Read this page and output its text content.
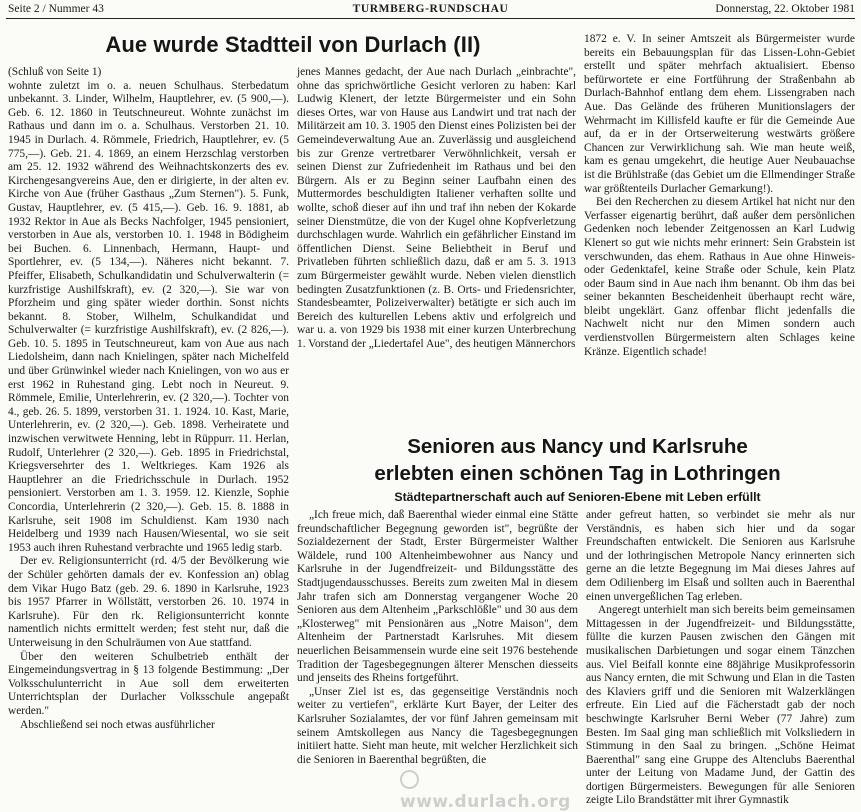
Seite 2 / Nummer 43	TURMBERG-RUNDSCHAU	Donnerstag, 22. Oktober 1981
Aue wurde Stadtteil von Durlach (II)

(Schluß von Seite 1)

wohnte zuletzt im o. a. neuen Schulhaus. Sterbedatum unbekannt. 3. Linder, Wilhelm, Hauptlehrer, ev. (5 900,—). Geb. 6. 12. 1860 in Teutschneureut. Wohnte zunächst im Rathaus und dann im o. a. Schulhaus. Verstorben 21. 10. 1945 in Durlach. 4. Römmele, Friedrich, Hauptlehrer, ev. (5 775,—). Geb. 21. 4. 1869, an einem Herzschlag verstorben am 25. 12. 1932 während des Weihnachtskonzerts des ev. Kirchengesangvereins Aue, den er dirigierte, in der alten ev. Kirche von Aue (früher Gasthaus „Zum Sternen"). 5. Funk, Gustav, Hauptlehrer, ev. (5 415,—). Geb. 16. 9. 1881, ab 1932 Rektor in Aue als Becks Nachfolger, 1945 pensioniert, verstorben in Aue als, verstorben 10. 1. 1948 in Bödigheim bei Buchen. 6. Linnenbach, Hermann, Haupt- und Sportlehrer, ev. (5 134,—). Näheres nicht bekannt. 7. Pfeiffer, Elisabeth, Schulkandidatin und Schulverwalterin (= kurzfristige Aushilfskraft), ev. (2 320,—). Sie war von Pforzheim und ging später wieder dorthin. Sonst nichts bekannt. 8. Stober, Wilhelm, Schulkandidat und Schulverwalter (= kurzfristige Aushilfskraft), ev. (2 826,—). Geb. 10. 5. 1895 in Teutschneureut, kam von Aue aus nach Liedolsheim, dann nach Knielingen, später nach Michelfeld und über Grünwinkel wieder nach Knielingen, von wo aus er erst 1962 in Ruhestand ging. Lebt noch in Neureut. 9. Römmele, Emilie, Unterlehrerin, ev. (2 320,—). Tochter von 4., geb. 26. 5. 1899, verstorben 31. 1. 1924. 10. Kast, Marie, Unterlehrerin, ev. (2 320,—). Geb. 1898. Verheiratete und inzwischen verwitwete Henning, lebt in Rüppurr. 11. Herlan, Rudolf, Unterlehrer (2 320,—). Geb. 1895 in Friedrichstal, Kriegsversehrter des 1. Weltkrieges. Kam 1926 als Hauptlehrer an die Friedrichsschule in Durlach. 1952 pensioniert. Verstorben am 1. 3. 1959. 12. Kienzle, Sophie Concordia, Unterlehrerin (2 320,—). Geb. 15. 8. 1888 in Karlsruhe, seit 1908 im Schuldienst. Kam 1930 nach Heidelberg und 1939 nach Hausen/Wiesental, wo sie seit 1953 auch ihren Ruhestand verbrachte und 1965 ledig starb.

Der ev. Religionsunterricht (rd. 4/5 der Bevölkerung wie der Schüler gehörten damals der ev. Konfession an) oblag dem Vikar Hugo Batz (geb. 29. 6. 1890 in Karlsruhe, 1923 bis 1957 Pfarrer in Wöllstätt, verstorben 26. 10. 1974 in Karlsruhe). Für den rk. Religionsunterricht konnte namentlich nichts ermittelt werden; fest steht nur, daß die Unterweisung in den Schulräumen von Aue stattfand.

Über den weiteren Schulbetrieb enthält der Eingemeindungsvertrag in § 13 folgende Bestimmung: „Der Volksschulunterricht in Aue soll dem erweiterten Unterrichtsplan der Durlacher Volksschule angepaßt werden."

Abschließend sei noch etwas ausführlicher

jenes Mannes gedacht, der Aue nach Durlach „einbrachte", ohne das sprichwörtliche Gesicht verloren zu haben: Karl Ludwig Klenert, der letzte Bürgermeister und ein Sohn dieses Ortes, war von Hause aus Landwirt und trat nach der Militärzeit am 10. 3. 1905 den Dienst eines Polizisten bei der Gemeindeverwaltung Aue an. Zuverlässig und ausgleichend bis zur Grenze vertretbarer Verwöhnlichkeit, versah er seinen Dienst zur Zufriedenheit im Rathaus und bei den Bürgern. Als er zu Beginn seiner Laufbahn einen des Muttermordes beschuldigten Italiener verhaften sollte und wollte, schoß dieser auf ihn und traf ihn neben der Kokarde seiner Dienstmütze, die von der Kugel ohne Kopfverletzung durchschlagen wurde. Wahrlich ein gefährlicher Einstand im öffentlichen Dienst. Seine Beliebtheit in Beruf und Privatleben führten schließlich dazu, daß er am 5. 3. 1913 zum Bürgermeister gewählt wurde. Neben vielen dienstlich bedingten Zusatzfunktionen (z. B. Orts- und Friedensrichter, Standesbeamter, Polizeiverwalter) betätigte er sich auch im Bereich des kulturellen Lebens aktiv und erfolgreich und war u. a. von 1929 bis 1938 mit einer kurzen Unterbrechung 1. Vorstand der „Liedertafel Aue", des heutigen Männerchors

1872 e. V. In seiner Amtszeit als Bürgermeister wurde bereits ein Bebauungsplan für das Lissen-Lohn-Gebiet erstellt und später mehrfach aktualisiert. Ebenso befürwortete er eine Fortführung der Straßenbahn ab Durlach-Bahnhof entlang dem ehem. Lissengraben nach Aue. Das Gelände des früheren Munitionslagers der Wehrmacht im Killisfeld kaufte er für die Gemeinde Aue auf, da er in der Ortserweiterung westwärts größere Chancen zur Verwirklichung sah. Wie man heute weiß, kam es genau umgekehrt, die heutige Auer Neubauachse ist die Brühlstraße (das Gebiet um die Ellmendinger Straße war größtenteils Durlacher Gemarkung!).

Bei den Recherchen zu diesem Artikel hat nicht nur den Verfasser eigenartig berührt, daß außer dem persönlichen Gedenken noch lebender Zeitgenossen an Karl Ludwig Klenert so gut wie nichts mehr erinnert: Sein Grabstein ist verschwunden, das ehem. Rathaus in Aue ohne Hinweis- oder Gedenktafel, keine Straße oder Schule, kein Platz oder Baum sind in Aue nach ihm benannt. Ob ihm das bei seiner bekannten Bescheidenheit überhaupt recht wäre, bleibt ungeklärt. Ganz offenbar flicht jedenfalls die Nachwelt nicht nur den Mimen sondern auch verdienstvollen Bürgermeistern alten Schlages keine Kränze. Eigentlich schade!

Senioren aus Nancy und Karlsruhe
erlebten einen schönen Tag in Lothringen
Städtepartnerschaft auch auf Senioren-Ebene mit Leben erfüllt

„Ich freue mich, daß Baerenthal wieder einmal eine Stätte freundschaftlicher Begegnung geworden ist", begrüßte der Sozialdezernent der Stadt, Erster Bürgermeister Walther Wäldele, rund 100 Altenheimbewohner aus Nancy und Karlsruhe in der Jugendfreizeit- und Bildungsstätte des Stadtjugendausschusses. Bereits zum zweiten Mal in diesem Jahr trafen sich am Donnerstag vergangener Woche 20 Senioren aus dem Altenheim „Parkschlößle" und 30 aus dem „Klosterweg" mit Pensionären aus „Notre Maison", dem Altenheim der Partnerstadt Karlsruhes. Mit diesem neuerlichen Beisammensein wurde eine seit 1976 bestehende Tradition der Tagesbegegnungen älterer Menschen diesseits und jenseits des Rheins fortgeführt.

„Unser Ziel ist es, das gegenseitige Verständnis noch weiter zu vertiefen", erklärte Kurt Bayer, der Leiter des Karlsruher Sozialamtes, der vor fünf Jahren gemeinsam mit seinem Amtskollegen aus Nancy die Tagesbegegnungen initiiert hatte. Sieht man heute, mit welcher Herzlichkeit sich die Senioren in Baerenthal begrüßten, die

ander gefreut hatten, so verbindet sie mehr als nur Verständnis, es haben sich hier und da sogar Freundschaften entwickelt. Die Senioren aus Karlsruhe und der lothringischen Metropole Nancy erinnerten sich gerne an die letzte Begegnung im Mai dieses Jahres auf dem Odilienberg im Elsaß und sollten auch in Baerenthal einen unvergeßlichen Tag erleben.

Angeregt unterhielt man sich bereits beim gemeinsamen Mittagessen in der Jugendfreizeit- und Bildungsstätte, füllte die kurzen Pausen zwischen den Gängen mit musikalischen Darbietungen und sogar einem Tänzchen aus. Viel Beifall konnte eine 88jährige Musikprofessorin aus Nancy ernten, die mit Schwung und Elan in die Tasten des Klaviers griff und die Senioren mit Walzerklängen erfreute. Ein Lied auf die Fächerstadt gab der noch beschwingte Karlsruher Berni Weber (77 Jahre) zum Besten. Im Saal ging man schließlich mit Volksliedern in Stimmung in den Saal zu bringen. „Schöne Heimat Baerenthal" sang eine Gruppe des Altenclubs Baerenthal unter der Leitung von Madame Jund, der Gattin des dortigen Bürgermeisters. Bewegungen für alle Senioren zeigte Lilo Brandstätter mit ihrer Gymnastik

www.durlach.org
